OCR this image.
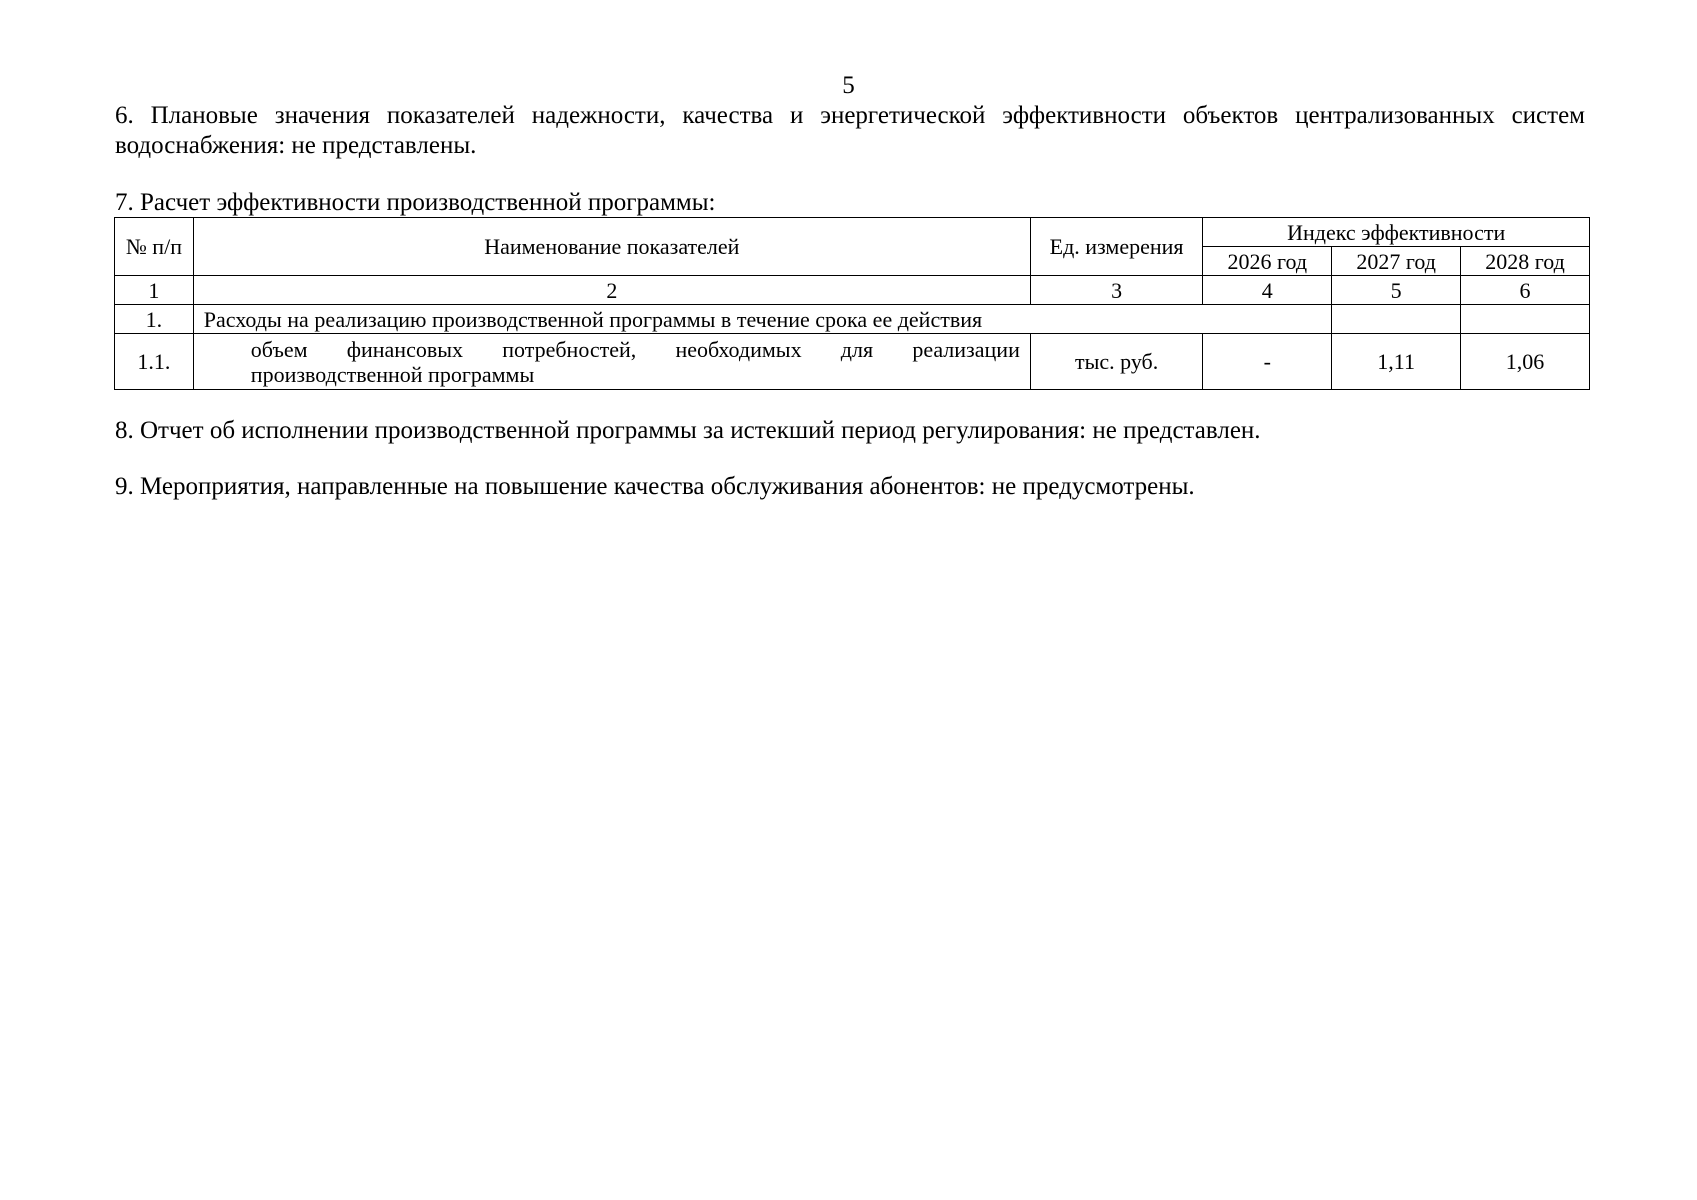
5
6. Плановые значения показателей надежности, качества и энергетической эффективности объектов централизованных систем водоснабжения: не представлены.
7. Расчет эффективности производственной программы:
№ п/п	Наименование показателей	Ед. измерения	Индекс эффективности		
			2026 год	2027 год	2028 год
1	2	3	4	5	6
1.	Расходы на реализацию производственной программы в течение срока ее действия				
1.1.	объем финансовых потребностей, необходимых для реализации производственной программы	тыс. руб.	-	1,11	1,06
8. Отчет об исполнении производственной программы за истекший период регулирования: не представлен.
9. Мероприятия, направленные на повышение качества обслуживания абонентов: не предусмотрены.
